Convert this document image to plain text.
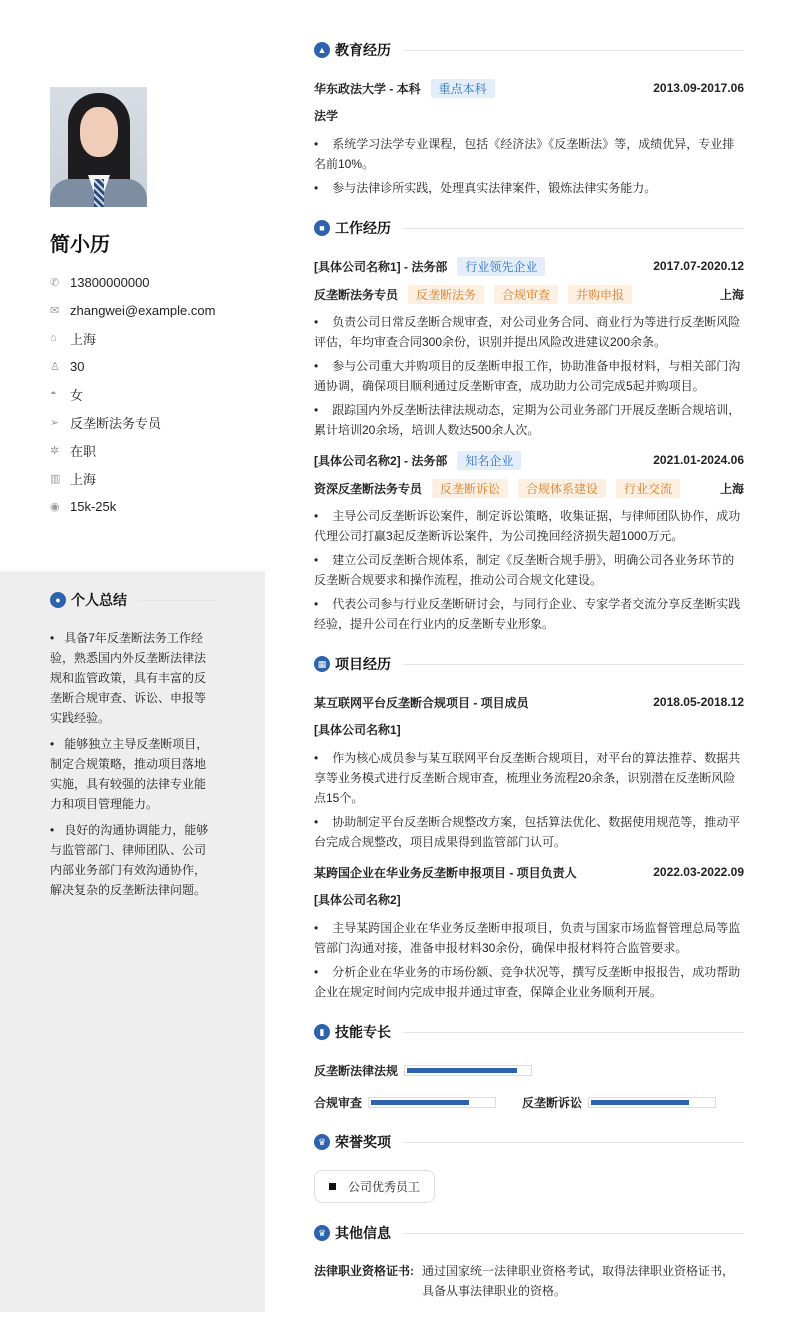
简小历
✆ 13800000000
✉ zhangwei@example.com
⌂	上海
♙ 30
◓	女
➢ 反垄断法务专员
✲ 在职
▥ 上海
◉ 15k-25k
● 个人总结
• 具备7年反垄断法务工作经验，熟悉国内外反垄断法律法规和监管政策，具有丰富的反垄断合规审查、诉讼、申报等实践经验。
• 能够独立主导反垄断项目，制定合规策略，推动项目落地实施，具有较强的法律专业能力和项目管理能力。
• 良好的沟通协调能力，能够与监管部门、律师团队、公司内部业务部门有效沟通协作，解决复杂的反垄断法律问题。
▲ 教育经历
华东政法大学 - 本科	重点本科	2013.09-2017.06
法学
• 系统学习法学专业课程，包括《经济法》《反垄断法》等，成绩优异，专业排名前10%。
• 参与法律诊所实践，处理真实法律案件，锻炼法律实务能力。
■ 工作经历
[具体公司名称1] - 法务部	行业领先企业	2017.07-2020.12
反垄断法务专员	反垄断法务	合规审查	并购申报	上海
• 负责公司日常反垄断合规审查，对公司业务合同、商业行为等进行反垄断风险评估，年均审查合同300余份，识别并提出风险改进建议200余条。
• 参与公司重大并购项目的反垄断申报工作，协助准备申报材料，与相关部门沟通协调，确保项目顺利通过反垄断审查，成功助力公司完成5起并购项目。
• 跟踪国内外反垄断法律法规动态，定期为公司业务部门开展反垄断合规培训，累计培训20余场，培训人数达500余人次。
[具体公司名称2] - 法务部	知名企业	2021.01-2024.06
资深反垄断法务专员	反垄断诉讼	合规体系建设	行业交流	上海
• 主导公司反垄断诉讼案件，制定诉讼策略，收集证据，与律师团队协作，成功代理公司打赢3起反垄断诉讼案件，为公司挽回经济损失超1000万元。
• 建立公司反垄断合规体系，制定《反垄断合规手册》，明确公司各业务环节的反垄断合规要求和操作流程，推动公司合规文化建设。
• 代表公司参与行业反垄断研讨会，与同行企业、专家学者交流分享反垄断实践经验，提升公司在行业内的反垄断专业形象。
▦ 项目经历
某互联网平台反垄断合规项目 - 项目成员	2018.05-2018.12
[具体公司名称1]
• 作为核心成员参与某互联网平台反垄断合规项目，对平台的算法推荐、数据共享等业务模式进行反垄断合规审查，梳理业务流程20余条，识别潜在反垄断风险点15个。
• 协助制定平台反垄断合规整改方案，包括算法优化、数据使用规范等，推动平台完成合规整改，项目成果得到监管部门认可。
某跨国企业在华业务反垄断申报项目 - 项目负责人	2022.03-2022.09
[具体公司名称2]
• 主导某跨国企业在华业务反垄断申报项目，负责与国家市场监督管理总局等监管部门沟通对接，准备申报材料30余份，确保申报材料符合监管要求。
• 分析企业在华业务的市场份额、竞争状况等，撰写反垄断申报报告，成功帮助企业在规定时间内完成申报并通过审查，保障企业业务顺利开展。
▮ 技能专长
反垄断法律法规
合规审查	反垄断诉讼
♛ 荣誉奖项
公司优秀员工
♛ 其他信息
法律职业资格证书: 通过国家统一法律职业资格考试，取得法律职业资格证书，具备从事法律职业的资格。
